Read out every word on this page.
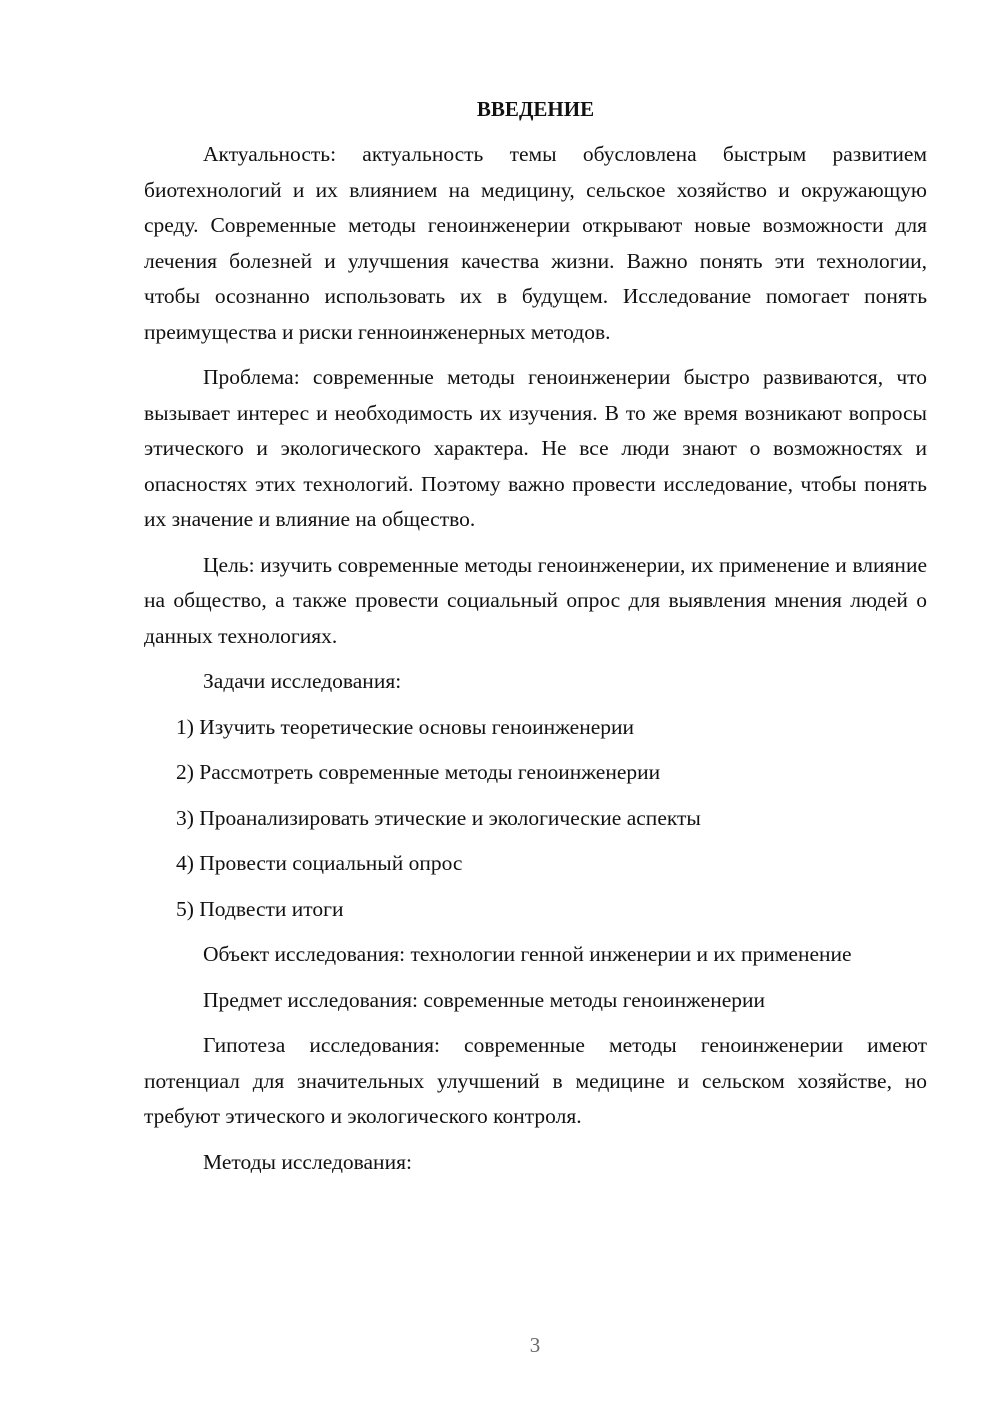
ВВЕДЕНИЕ

Актуальность: актуальность темы обусловлена быстрым развитием биотехнологий и их влиянием на медицину, сельское хозяйство и окружающую среду. Современные методы геноинженерии открывают новые возможности для лечения болезней и улучшения качества жизни. Важно понять эти технологии, чтобы осознанно использовать их в будущем. Исследование помогает понять преимущества и риски генноинженерных методов.

Проблема: современные методы геноинженерии быстро развиваются, что вызывает интерес и необходимость их изучения. В то же время возникают вопросы этического и экологического характера. Не все люди знают о возможностях и опасностях этих технологий. Поэтому важно провести исследование, чтобы понять их значение и влияние на общество.

Цель: изучить современные методы геноинженерии, их применение и влияние на общество, а также провести социальный опрос для выявления мнения людей о данных технологиях.

Задачи исследования:

1) Изучить теоретические основы геноинженерии

2) Рассмотреть современные методы геноинженерии

3) Проанализировать этические и экологические аспекты

4) Провести социальный опрос

5) Подвести итоги

Объект исследования: технологии генной инженерии и их применение

Предмет исследования: современные методы геноинженерии

Гипотеза исследования: современные методы геноинженерии имеют потенциал для значительных улучшений в медицине и сельском хозяйстве, но требуют этического и экологического контроля.

Методы исследования:

3
